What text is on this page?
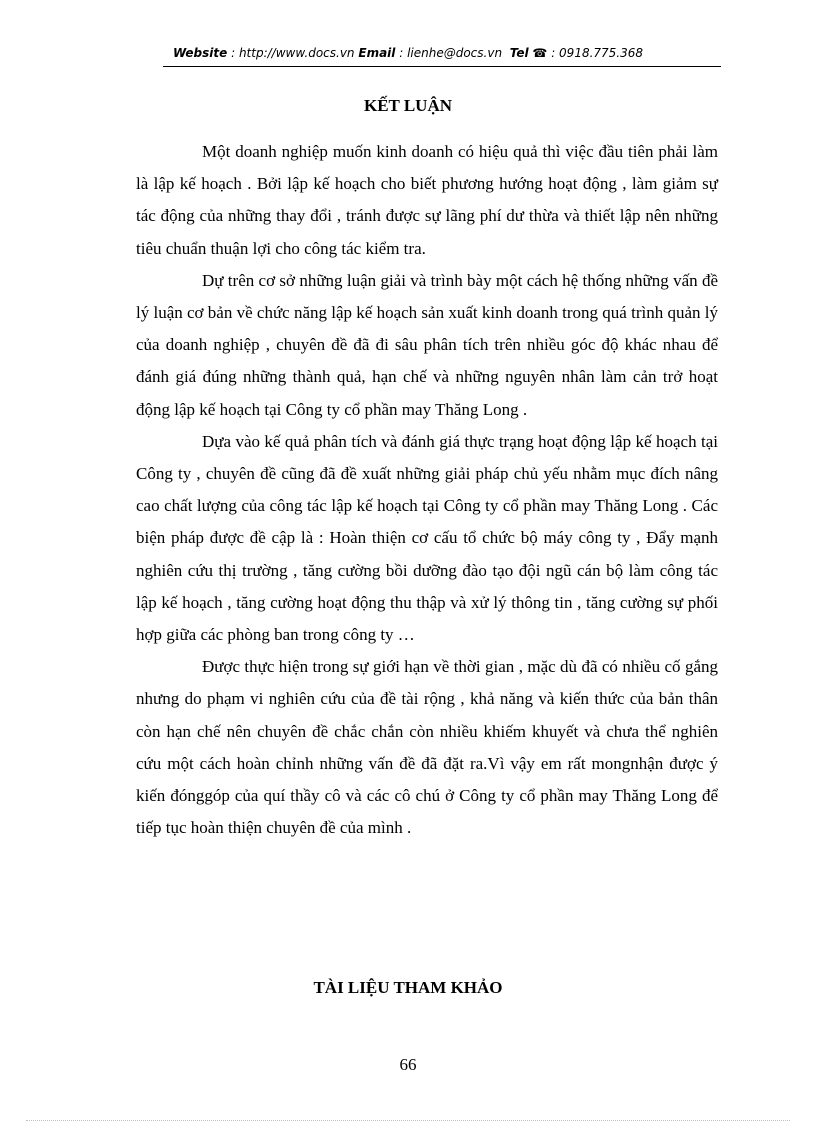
Website : http://www.docs.vn Email : lienhe@docs.vn Tel ☎ : 0918.775.368
KẾT LUẬN

Một doanh nghiệp muốn kinh doanh có hiệu quả thì việc đầu tiên phải làm là lập kế hoạch . Bởi lập kế hoạch cho biết phương hướng hoạt động , làm giảm sự tác động của những thay đổi , tránh được sự lãng phí dư thừa và thiết lập nên những tiêu chuẩn thuận lợi cho công tác kiểm tra.

Dự trên cơ sở những luận giải và trình bày một cách hệ thống những vấn đề lý luận cơ bản về chức năng lập kế hoạch sản xuất kinh doanh trong quá trình quản lý của doanh nghiệp , chuyên đề đã đi sâu phân tích trên nhiều góc độ khác nhau để đánh giá đúng những thành quả, hạn chế và những nguyên nhân làm cản trở hoạt động lập kế hoạch tại Công ty cổ phần may Thăng Long .

Dựa vào kế quả phân tích và đánh giá thực trạng hoạt động lập kế hoạch tại Công ty , chuyên đề cũng đã đề xuất những giải pháp chủ yếu nhằm mục đích nâng cao chất lượng của công tác lập kế hoạch tại Công ty cổ phần may Thăng Long . Các biện pháp được đề cập là : Hoàn thiện cơ cấu tổ chức bộ máy công ty , Đẩy mạnh nghiên cứu thị trường , tăng cường bồi dưỡng đào tạo đội ngũ cán bộ làm công tác lập kế hoạch , tăng cường hoạt động thu thập và xử lý thông tin , tăng cường sự phối hợp giữa các phòng ban trong công ty …

Được thực hiện trong sự giới hạn về thời gian , mặc dù đã có nhiều cố gắng nhưng do phạm vi nghiên cứu của đề tài rộng , khả năng và kiến thức của bản thân còn hạn chế nên chuyên đề chắc chắn còn nhiều khiếm khuyết và chưa thể nghiên cứu một cách hoàn chỉnh những vấn đề đã đặt ra.Vì vậy em rất mongnhận được ý kiến đónggóp của quí thầy cô và các cô chú ở Công ty cổ phần may Thăng Long để tiếp tục hoàn thiện chuyên đề của mình .

TÀI LIỆU THAM KHẢO
66
